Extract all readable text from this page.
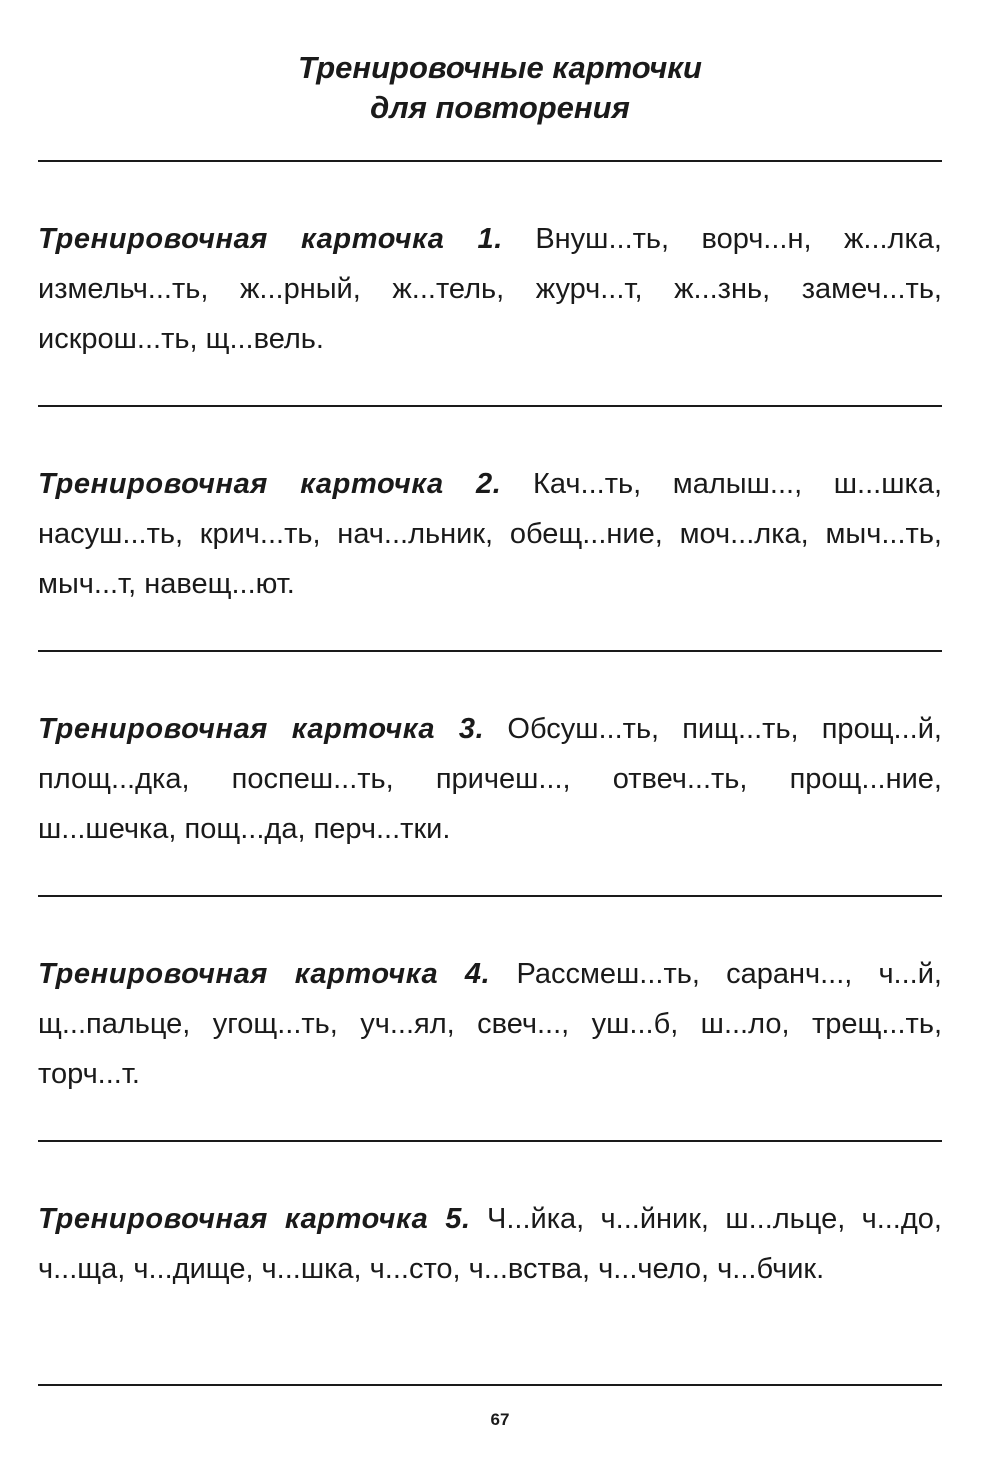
Тренировочные карточки
для повторения

Тренировочная карточка 1. Внуш...ть, ворч...н, ж...лка, измельч...ть, ж...рный, ж...тель, журч...т, ж...знь, замеч...ть, искрош...ть, щ...вель.

Тренировочная карточка 2. Кач...ть, малыш..., ш...шка, насуш...ть, крич...ть, нач...льник, обещ...ние, моч...лка, мыч...ть, мыч...т, навещ...ют.

Тренировочная карточка 3. Обсуш...ть, пищ...ть, прощ...й, площ...дка, поспеш...ть, причеш..., отвеч...ть, прощ...ние, ш...шечка, пощ...да, перч...тки.

Тренировочная карточка 4. Рассмеш...ть, саранч..., ч...й, щ...пальце, угощ...ть, уч...ял, свеч..., уш...б, ш...ло, трещ...ть, торч...т.

Тренировочная карточка 5. Ч...йка, ч...йник, ш...льце, ч...до, ч...ща, ч...дище, ч...шка, ч...сто, ч...вства, ч...чело, ч...бчик.

67
